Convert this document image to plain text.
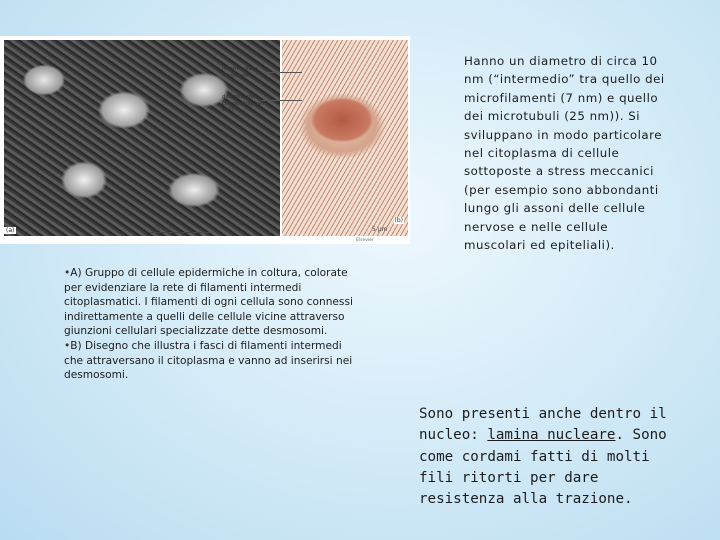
(a)
Intermediate filaments
desmosome connecting two cells
(b)
20 µm	5 µm
Elsevier

•A) Gruppo di cellule epidermiche in coltura, colorate per evidenziare la rete di filamenti intermedi citoplasmatici. I filamenti di ogni cellula sono connessi indirettamente a quelli delle cellule vicine attraverso giunzioni cellulari specializzate dette desmosomi.

•B) Disegno che illustra i fasci di filamenti intermedi che attraversano il citoplasma e vanno ad inserirsi nei desmosomi.

Hanno un diametro di circa 10 nm (“intermedio” tra quello dei microfilamenti (7 nm) e quello dei microtubuli (25 nm)). Si sviluppano in modo particolare nel citoplasma di cellule sottoposte a stress meccanici (per esempio sono abbondanti lungo gli assoni delle cellule nervose e nelle cellule muscolari ed epiteliali).
Sono presenti anche dentro il nucleo: lamina nucleare. Sono come cordami fatti di molti fili ritorti per dare resistenza alla trazione.
